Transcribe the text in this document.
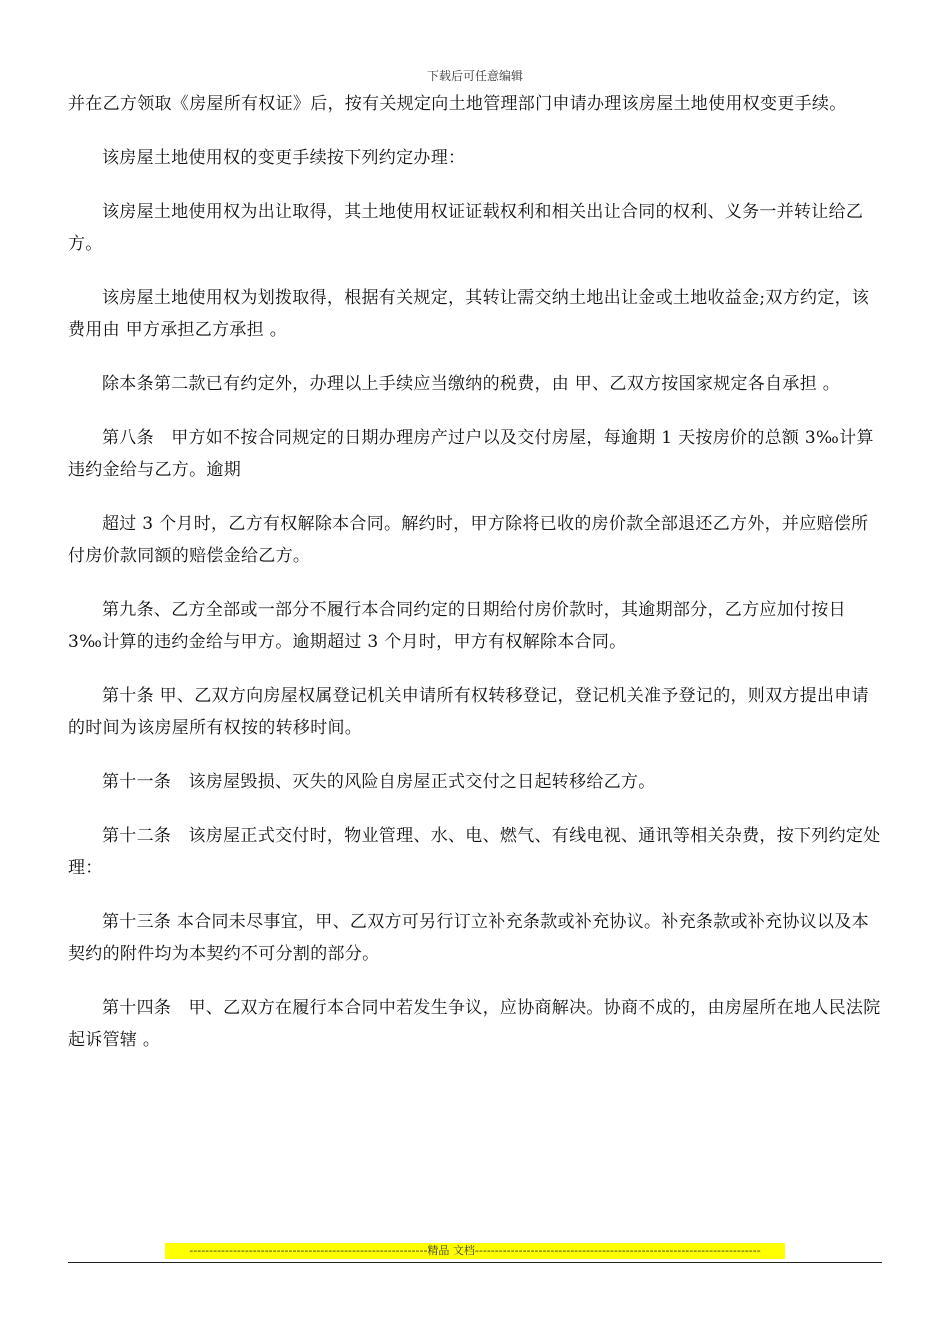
下载后可任意编辑

并在乙方领取《房屋所有权证》后，按有关规定向土地管理部门申请办理该房屋土地使用权变更手续。

该房屋土地使用权的变更手续按下列约定办理：

该房屋土地使用权为出让取得，其土地使用权证证载权利和相关出让合同的权利、义务一并转让给乙方。

该房屋土地使用权为划拨取得，根据有关规定，其转让需交纳土地出让金或土地收益金;双方约定，该费用由 甲方承担乙方承担 。

除本条第二款已有约定外，办理以上手续应当缴纳的税费，由 甲、乙双方按国家规定各自承担 。

第八条　甲方如不按合同规定的日期办理房产过户以及交付房屋，每逾期 1 天按房价的总额 3‰计算违约金给与乙方。逾期

超过 3 个月时，乙方有权解除本合同。解约时，甲方除将已收的房价款全部退还乙方外，并应赔偿所付房价款同额的赔偿金给乙方。

第九条、乙方全部或一部分不履行本合同约定的日期给付房价款时，其逾期部分，乙方应加付按日 3‰计算的违约金给与甲方。逾期超过 3 个月时，甲方有权解除本合同。

第十条 甲、乙双方向房屋权属登记机关申请所有权转移登记，登记机关准予登记的，则双方提出申请的时间为该房屋所有权按的转移时间。

第十一条　该房屋毁损、灭失的风险自房屋正式交付之日起转移给乙方。

第十二条　该房屋正式交付时，物业管理、水、电、燃气、有线电视、通讯等相关杂费，按下列约定处理：

第十三条 本合同未尽事宜，甲、乙双方可另行订立补充条款或补充协议。补充条款或补充协议以及本契约的附件均为本契约不可分割的部分。

第十四条　甲、乙双方在履行本合同中若发生争议，应协商解决。协商不成的，由房屋所在地人民法院起诉管辖 。

------------------------------------------------------------精品 文档------------------------------------------------------------------------
